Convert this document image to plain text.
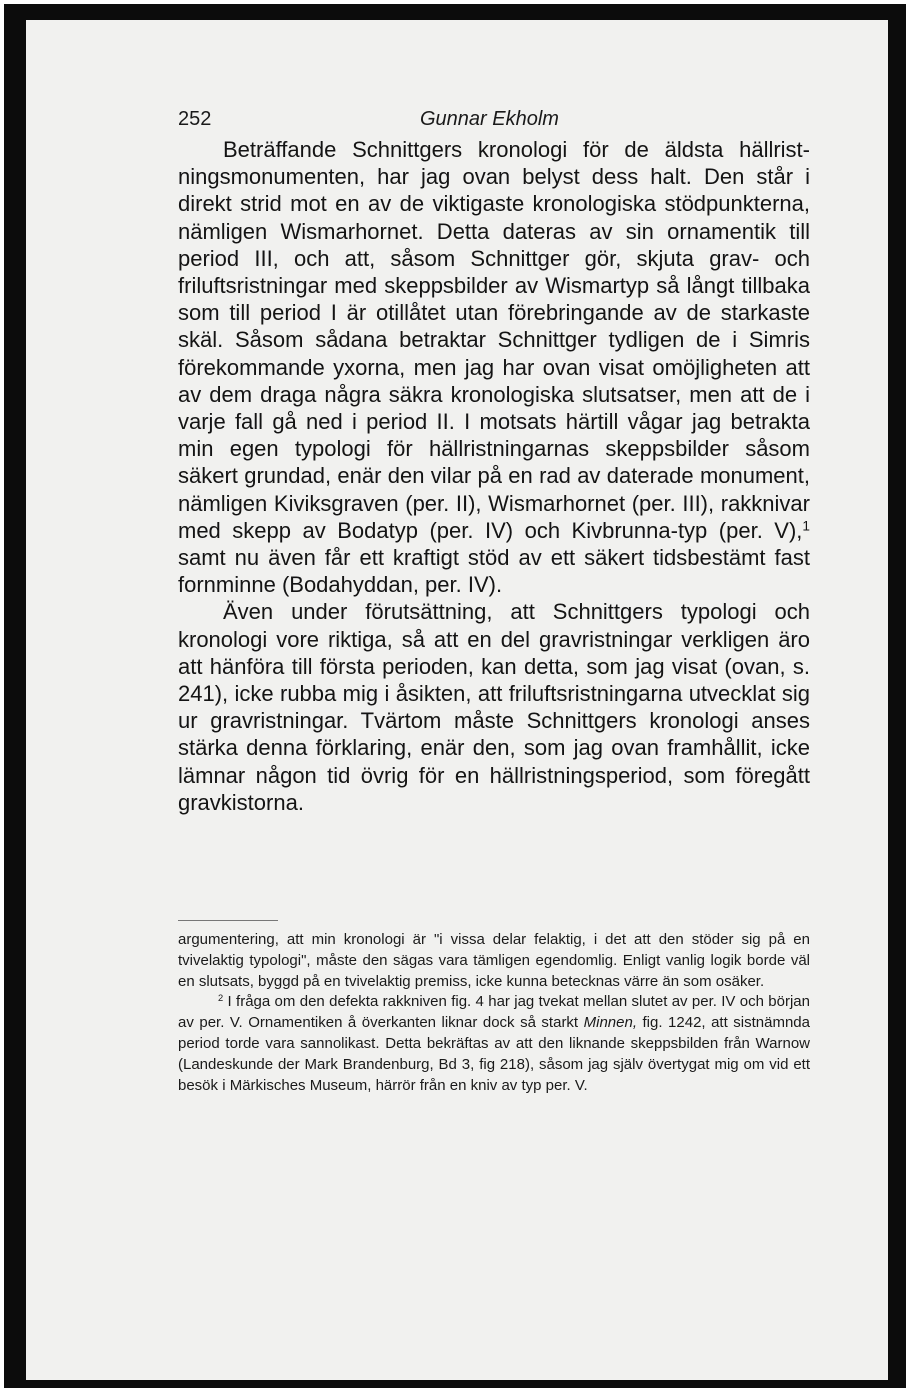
252	Gunnar Ekholm

Beträffande Schnittgers kronologi för de äldsta hällristningsmonumenten, har jag ovan belyst dess halt. Den står i direkt strid mot en av de viktigaste kronologiska stödpunkterna, nämligen Wismarhornet. Detta dateras av sin ornamentik till period III, och att, såsom Schnittger gör, skjuta grav- och friluftsristningar med skeppsbilder av Wismartyp så långt tillbaka som till period I är otillåtet utan förebringande av de starkaste skäl. Såsom sådana betraktar Schnittger tydligen de i Simris förekommande yxorna, men jag har ovan visat omöjligheten att av dem draga några säkra kronologiska slutsatser, men att de i varje fall gå ned i period II. I motsats härtill vågar jag betrakta min egen typologi för hällristningarnas skeppsbilder såsom säkert grundad, enär den vilar på en rad av daterade monument, nämligen Kiviksgraven (per. II), Wismarhornet (per. III), rakknivar med skepp av Bodatyp (per. IV) och Kivbrunna-typ (per. V),$^1$ samt nu även får ett kraftigt stöd av ett säkert tidsbestämt fast fornminne (Bodahyddan, per. IV).

Även under förutsättning, att Schnittgers typologi och kronologi vore riktiga, så att en del gravristningar verkligen äro att hänföra till första perioden, kan detta, som jag visat (ovan, s. 241), icke rubba mig i åsikten, att friluftsristningarna utvecklat sig ur gravristningar. Tvärtom måste Schnittgers kronologi anses stärka denna förklaring, enär den, som jag ovan framhållit, icke lämnar någon tid övrig för en hällristningsperiod, som föregått gravkistorna.

argumentering, att min kronologi är "i vissa delar felaktig, i det att den stöder sig på en tvivelaktig typologi", måste den sägas vara tämligen egendomlig. Enligt vanlig logik borde väl en slutsats, byggd på en tvivelaktig premiss, icke kunna betecknas värre än som osäker.

$^2$ I fråga om den defekta rakkniven fig. 4 har jag tvekat mellan slutet av per. IV och början av per. V. Ornamentiken å överkanten liknar dock så starkt Minnen, fig. 1242, att sistnämnda period torde vara sannolikast. Detta bekräftas av att den liknande skeppsbilden från Warnow (Landeskunde der Mark Brandenburg, Bd 3, fig 218), såsom jag själv övertygat mig om vid ett besök i Märkisches Museum, härrör från en kniv av typ per. V.
